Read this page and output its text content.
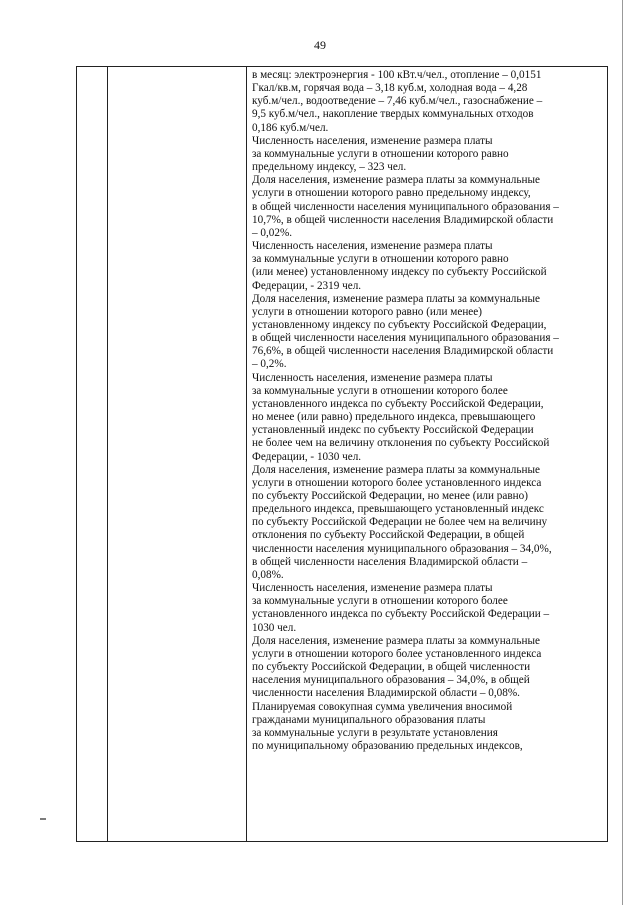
49
в месяц: электроэнергия - 100 кВт.ч/чел., отопление – 0,0151
Гкал/кв.м, горячая вода – 3,18 куб.м, холодная вода – 4,28
куб.м/чел., водоотведение – 7,46 куб.м/чел., газоснабжение –
9,5 куб.м/чел., накопление твердых коммунальных отходов
0,186 куб.м/чел.
Численность населения, изменение размера платы
за коммунальные услуги в отношении которого равно
предельному индексу, – 323 чел.
Доля населения, изменение размера платы за коммунальные
услуги в отношении которого равно предельному индексу,
в общей численности населения муниципального образования –
10,7%, в общей численности населения Владимирской области
– 0,02%.
Численность населения, изменение размера платы
за коммунальные услуги в отношении которого равно
(или менее) установленному индексу по субъекту Российской
Федерации, - 2319 чел.
Доля населения, изменение размера платы за коммунальные
услуги в отношении которого равно (или менее)
установленному индексу по субъекту Российской Федерации,
в общей численности населения муниципального образования –
76,6%, в общей численности населения Владимирской области
– 0,2%.
Численность населения, изменение размера платы
за коммунальные услуги в отношении которого более
установленного индекса по субъекту Российской Федерации,
но менее (или равно) предельного индекса, превышающего
установленный индекс по субъекту Российской Федерации
не более чем на величину отклонения по субъекту Российской
Федерации, - 1030 чел.
Доля населения, изменение размера платы за коммунальные
услуги в отношении которого более установленного индекса
по субъекту Российской Федерации, но менее (или равно)
предельного индекса, превышающего установленный индекс
по субъекту Российской Федерации не более чем на величину
отклонения по субъекту Российской Федерации, в общей
численности населения муниципального образования – 34,0%,
в общей численности населения Владимирской области –
0,08%.
Численность населения, изменение размера платы
за коммунальные услуги в отношении которого более
установленного индекса по субъекту Российской Федерации –
1030 чел.
Доля населения, изменение размера платы за коммунальные
услуги в отношении которого более установленного индекса
по субъекту Российской Федерации, в общей численности
населения муниципального образования – 34,0%, в общей
численности населения Владимирской области – 0,08%.
Планируемая совокупная сумма увеличения вносимой
гражданами муниципального образования платы
за коммунальные услуги в результате установления
по муниципальному образованию предельных индексов,
